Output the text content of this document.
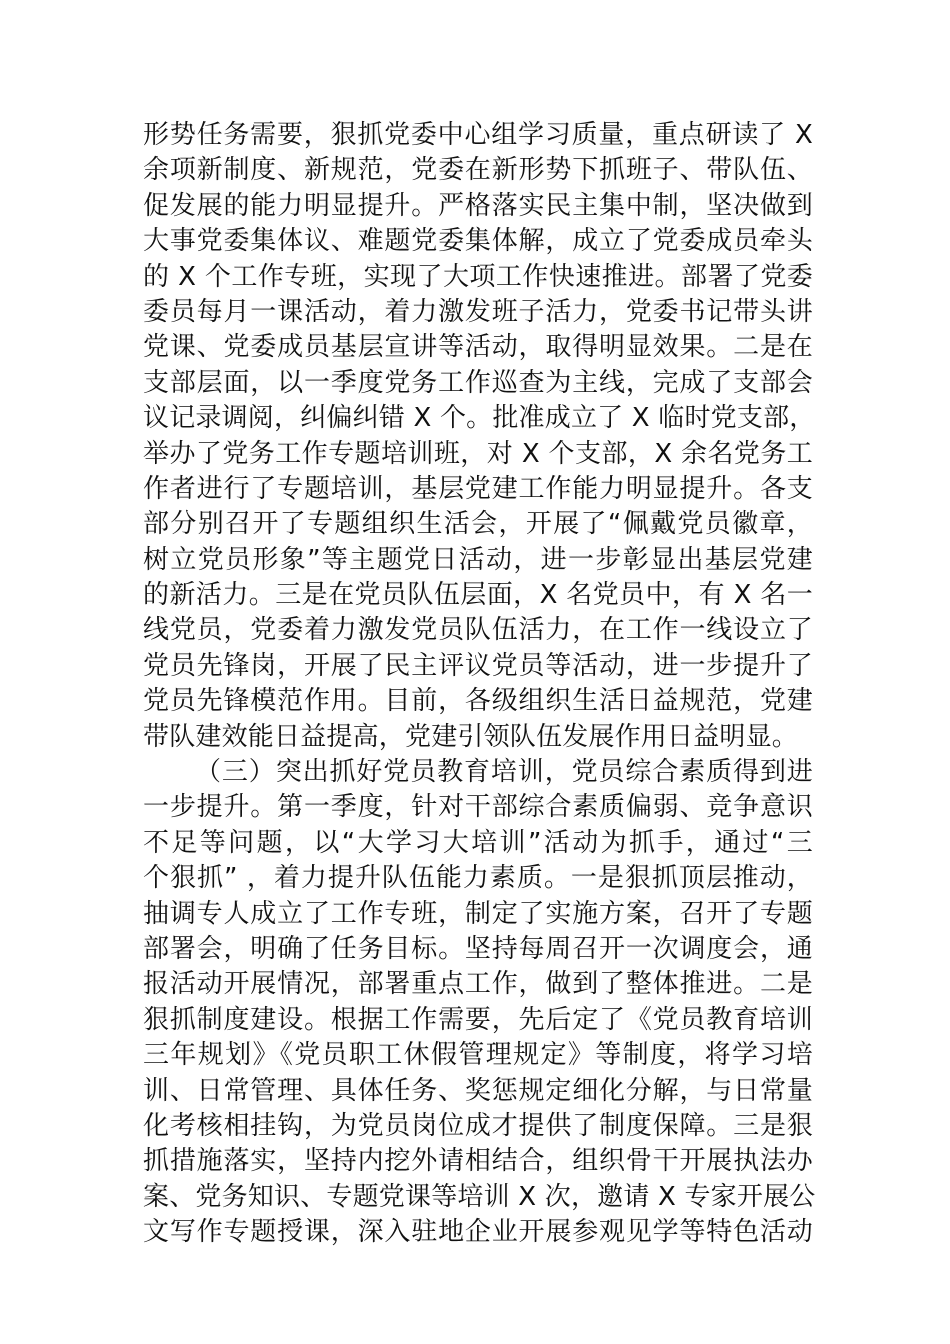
形势任务需要，狠抓党委中心组学习质量，重点研读了 X
余项新制度、新规范，党委在新形势下抓班子、带队伍、
促发展的能力明显提升。严格落实民主集中制，坚决做到
大事党委集体议、难题党委集体解，成立了党委成员牵头
的 X 个工作专班，实现了大项工作快速推进。部署了党委
委员每月一课活动，着力激发班子活力，党委书记带头讲
党课、党委成员基层宣讲等活动，取得明显效果。二是在
支部层面，以一季度党务工作巡查为主线，完成了支部会
议记录调阅，纠偏纠错 X 个。批准成立了 X 临时党支部，
举办了党务工作专题培训班，对 X 个支部，X 余名党务工
作者进行了专题培训，基层党建工作能力明显提升。各支
部分别召开了专题组织生活会，开展了“佩戴党员徽章，
树立党员形象”等主题党日活动，进一步彰显出基层党建
的新活力。三是在党员队伍层面，X 名党员中，有 X 名一
线党员，党委着力激发党员队伍活力，在工作一线设立了
党员先锋岗，开展了民主评议党员等活动，进一步提升了
党员先锋模范作用。目前，各级组织生活日益规范，党建
带队建效能日益提高，党建引领队伍发展作用日益明显。
（三）突出抓好党员教育培训，党员综合素质得到进
一步提升。第一季度，针对干部综合素质偏弱、竞争意识
不足等问题，以“大学习大培训”活动为抓手，通过“三
个狠抓” ，着力提升队伍能力素质。一是狠抓顶层推动，
抽调专人成立了工作专班，制定了实施方案，召开了专题
部署会，明确了任务目标。坚持每周召开一次调度会，通
报活动开展情况，部署重点工作，做到了整体推进。二是
狠抓制度建设。根据工作需要，先后定了《党员教育培训
三年规划》《党员职工休假管理规定》等制度，将学习培
训、日常管理、具体任务、奖惩规定细化分解，与日常量
化考核相挂钩，为党员岗位成才提供了制度保障。三是狠
抓措施落实，坚持内挖外请相结合，组织骨干开展执法办
案、党务知识、专题党课等培训 X 次，邀请 X 专家开展公
文写作专题授课，深入驻地企业开展参观见学等特色活动
